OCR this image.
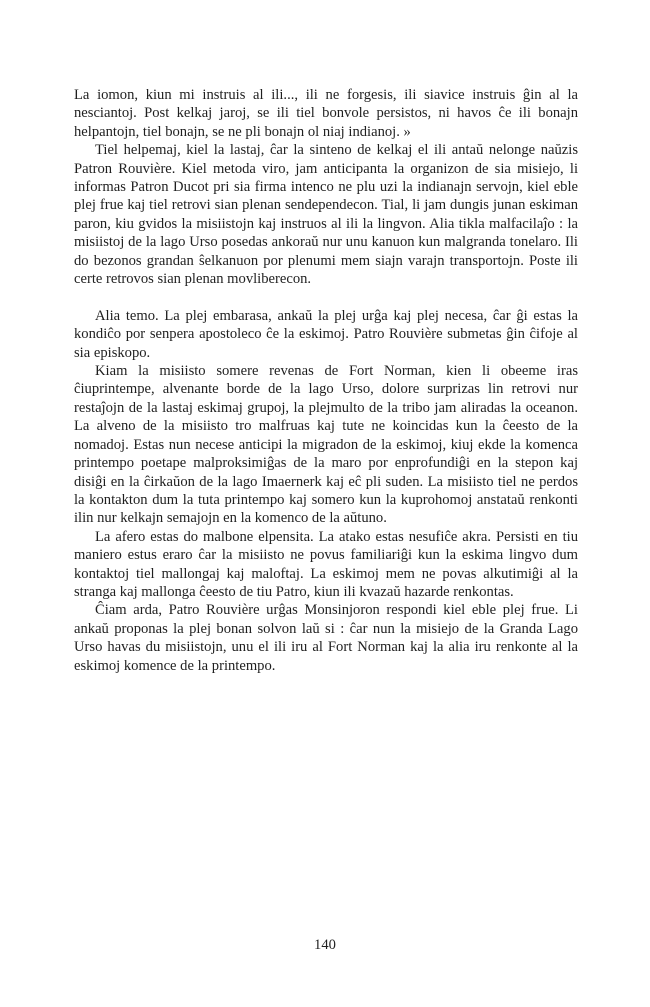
La iomon, kiun mi instruis al ili..., ili ne forgesis, ili siavice instruis ĝin al la nesciantoj. Post kelkaj jaroj, se ili tiel bonvole persistos, ni havos ĉe ili bonajn helpantojn, tiel bonajn, se ne pli bonajn ol niaj indianoj. »

Tiel helpemaj, kiel la lastaj, ĉar la sinteno de kelkaj el ili antaŭ nelonge naŭzis Patron Rouvière. Kiel metoda viro, jam anticipanta la organizon de sia misiejo, li informas Patron Ducot pri sia firma intenco ne plu uzi la indianajn servojn, kiel eble plej frue kaj tiel retrovi sian plenan sendependecon. Tial, li jam dungis junan eskiman paron, kiu gvidos la misiistojn kaj instruos al ili la lingvon. Alia tikla malfacilaĵo : la misiistoj de la lago Urso posedas ankoraŭ nur unu kanuon kun malgranda tonelaro. Ili do bezonos grandan ŝelkanuon por plenumi mem siajn varajn transportojn. Poste ili certe retrovos sian plenan movliberecon.

Alia temo. La plej embarasa, ankaŭ la plej urĝa kaj plej necesa, ĉar ĝi estas la kondiĉo por senpera apostoleco ĉe la eskimoj. Patro Rouvière submetas ĝin ĉifoje al sia episkopo.

Kiam la misiisto somere revenas de Fort Norman, kien li obeeme iras ĉiuprintempe, alvenante borde de la lago Urso, dolore surprizas lin retrovi nur restaĵojn de la lastaj eskimaj grupoj, la plejmulto de la tribo jam aliradas la oceanon. La alveno de la misiisto tro malfruas kaj tute ne koincidas kun la ĉeesto de la nomadoj. Estas nun necese anticipi la migradon de la eskimoj, kiuj ekde la komenca printempo poetape malproksimiĝas de la maro por enprofundiĝi en la stepon kaj disiĝi en la ĉirkaŭon de la lago Imaernerk kaj eĉ pli suden. La misiisto tiel ne perdos la kontakton dum la tuta printempo kaj somero kun la kuprohomoj anstataŭ renkonti ilin nur kelkajn semajojn en la komenco de la aŭtuno.

La afero estas do malbone elpensita. La atako estas nesufiĉe akra. Persisti en tiu maniero estus eraro ĉar la misiisto ne povus familiariĝi kun la eskima lingvo dum kontaktoj tiel mallongaj kaj maloftaj. La eskimoj mem ne povas alkutimiĝi al la stranga kaj mallonga ĉeesto de tiu Patro, kiun ili kvazaŭ hazarde renkontas.

Ĉiam arda, Patro Rouvière urĝas Monsinjoron respondi kiel eble plej frue. Li ankaŭ proponas la plej bonan solvon laŭ si : ĉar nun la misiejo de la Granda Lago Urso havas du misiistojn, unu el ili iru al Fort Norman kaj la alia iru renkonte al la eskimoj komence de la printempo.

140
